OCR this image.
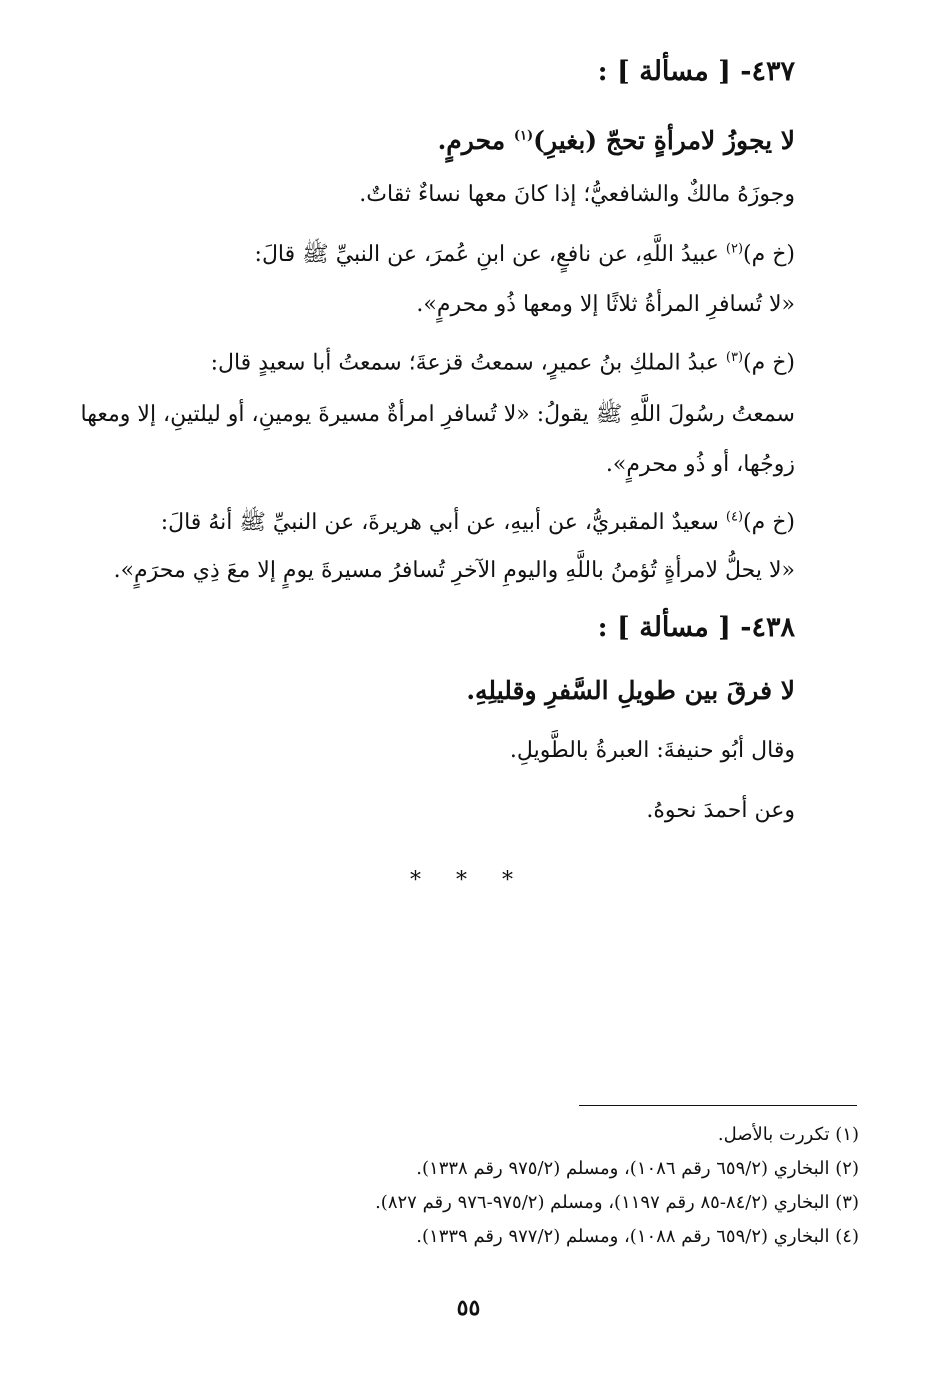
٤٣٧- [ مسألة ] :
لا يجوزُ لامرأةٍ تحجّ (بغيرِ)$^{(١)}$ محرمٍ.
وجوزَهُ مالكٌ والشافعيُّ؛ إذا كانَ معها نساءٌ ثقاتٌ.
(خ م)$^{(٢)}$ عبيدُ اللَّهِ، عن نافعٍ، عن ابنِ عُمرَ، عن النبيِّ ﷺ قالَ:
«لا تُسافرِ المرأةُ ثلاثًا إلا ومعها ذُو محرمٍ».
(خ م)$^{(٣)}$ عبدُ الملكِ بنُ عميرٍ، سمعتُ قزعةَ؛ سمعتُ أبا سعيدٍ قال:
سمعتُ رسُولَ اللَّهِ ﷺ يقولُ: «لا تُسافرِ امرأةٌ مسيرةَ يومينِ، أو ليلتينِ، إلا ومعها
زوجُها، أو ذُو محرمٍ».
(خ م)$^{(٤)}$ سعيدٌ المقبريُّ، عن أبيهِ، عن أبي هريرةَ، عن النبيِّ ﷺ أنهُ قالَ:
«لا يحلُّ لامرأةٍ تُؤمنُ باللَّهِ واليومِ الآخرِ تُسافرُ مسيرةَ يومٍ إلا معَ ذِي محرَمٍ».
٤٣٨- [ مسألة ] :
لا فرقَ بين طويلِ السَّفرِ وقليلِهِ.
وقال أبُو حنيفةَ: العبرةُ بالطَّويلِ.
وعن أحمدَ نحوهُ.
* * *
(١) تكررت بالأصل.
(٢) البخاري (٦٥٩/٢ رقم ١٠٨٦)، ومسلم (٩٧٥/٢ رقم ١٣٣٨).
(٣) البخاري (٨٤/٢-٨٥ رقم ١١٩٧)، ومسلم (٩٧٥/٢-٩٧٦ رقم ٨٢٧).
(٤) البخاري (٦٥٩/٢ رقم ١٠٨٨)، ومسلم (٩٧٧/٢ رقم ١٣٣٩).
٥٥
